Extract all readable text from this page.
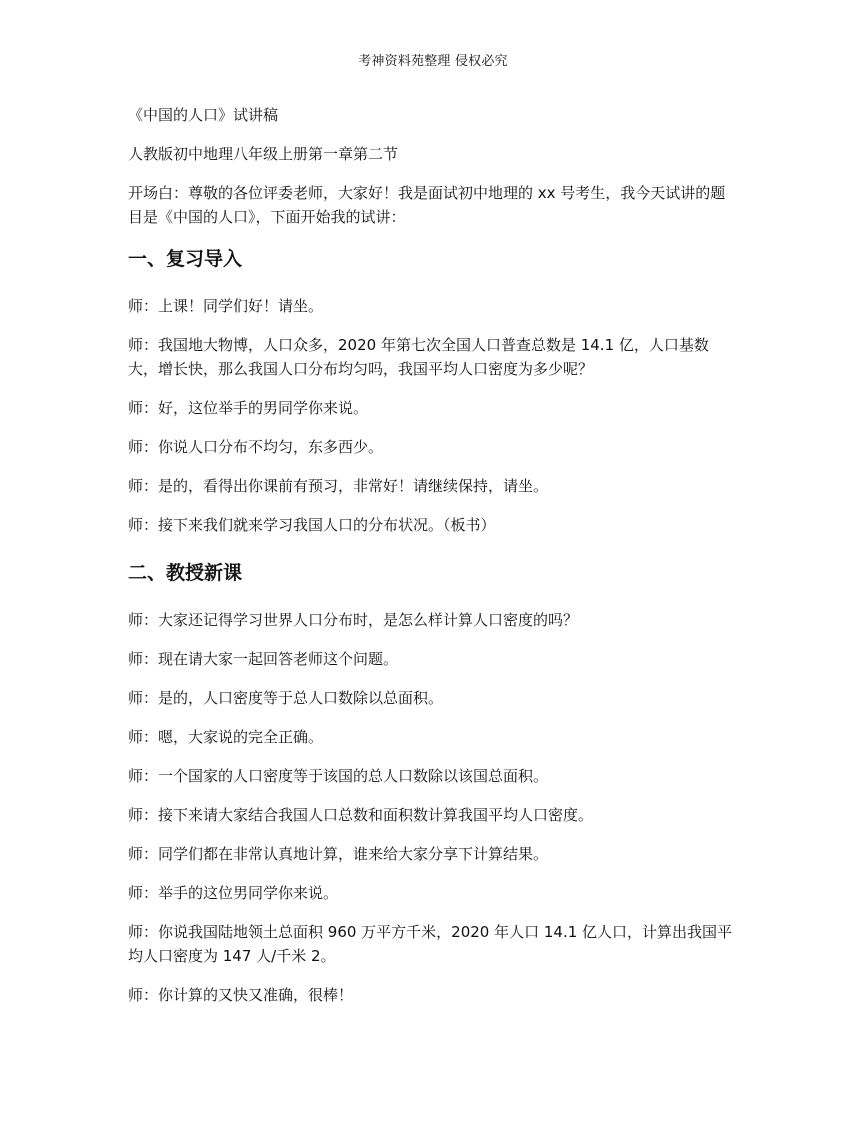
考神资料苑整理 侵权必究

《中国的人口》试讲稿

人教版初中地理八年级上册第一章第二节

开场白：尊敬的各位评委老师，大家好！我是面试初中地理的 xx 号考生，我今天试讲的题目是《中国的人口》，下面开始我的试讲：

一、复习导入

师：上课！同学们好！请坐。

师：我国地大物博，人口众多，2020 年第七次全国人口普查总数是 14.1 亿，人口基数大，增长快，那么我国人口分布均匀吗，我国平均人口密度为多少呢？

师：好，这位举手的男同学你来说。

师：你说人口分布不均匀，东多西少。

师：是的，看得出你课前有预习，非常好！请继续保持，请坐。

师：接下来我们就来学习我国人口的分布状况。（板书）

二、教授新课

师：大家还记得学习世界人口分布时，是怎么样计算人口密度的吗？

师：现在请大家一起回答老师这个问题。

师：是的，人口密度等于总人口数除以总面积。

师：嗯，大家说的完全正确。

师：一个国家的人口密度等于该国的总人口数除以该国总面积。

师：接下来请大家结合我国人口总数和面积数计算我国平均人口密度。

师：同学们都在非常认真地计算，谁来给大家分享下计算结果。

师：举手的这位男同学你来说。

师：你说我国陆地领土总面积 960 万平方千米，2020 年人口 14.1 亿人口，计算出我国平均人口密度为 147 人/千米 2。

师：你计算的又快又准确，很棒！
